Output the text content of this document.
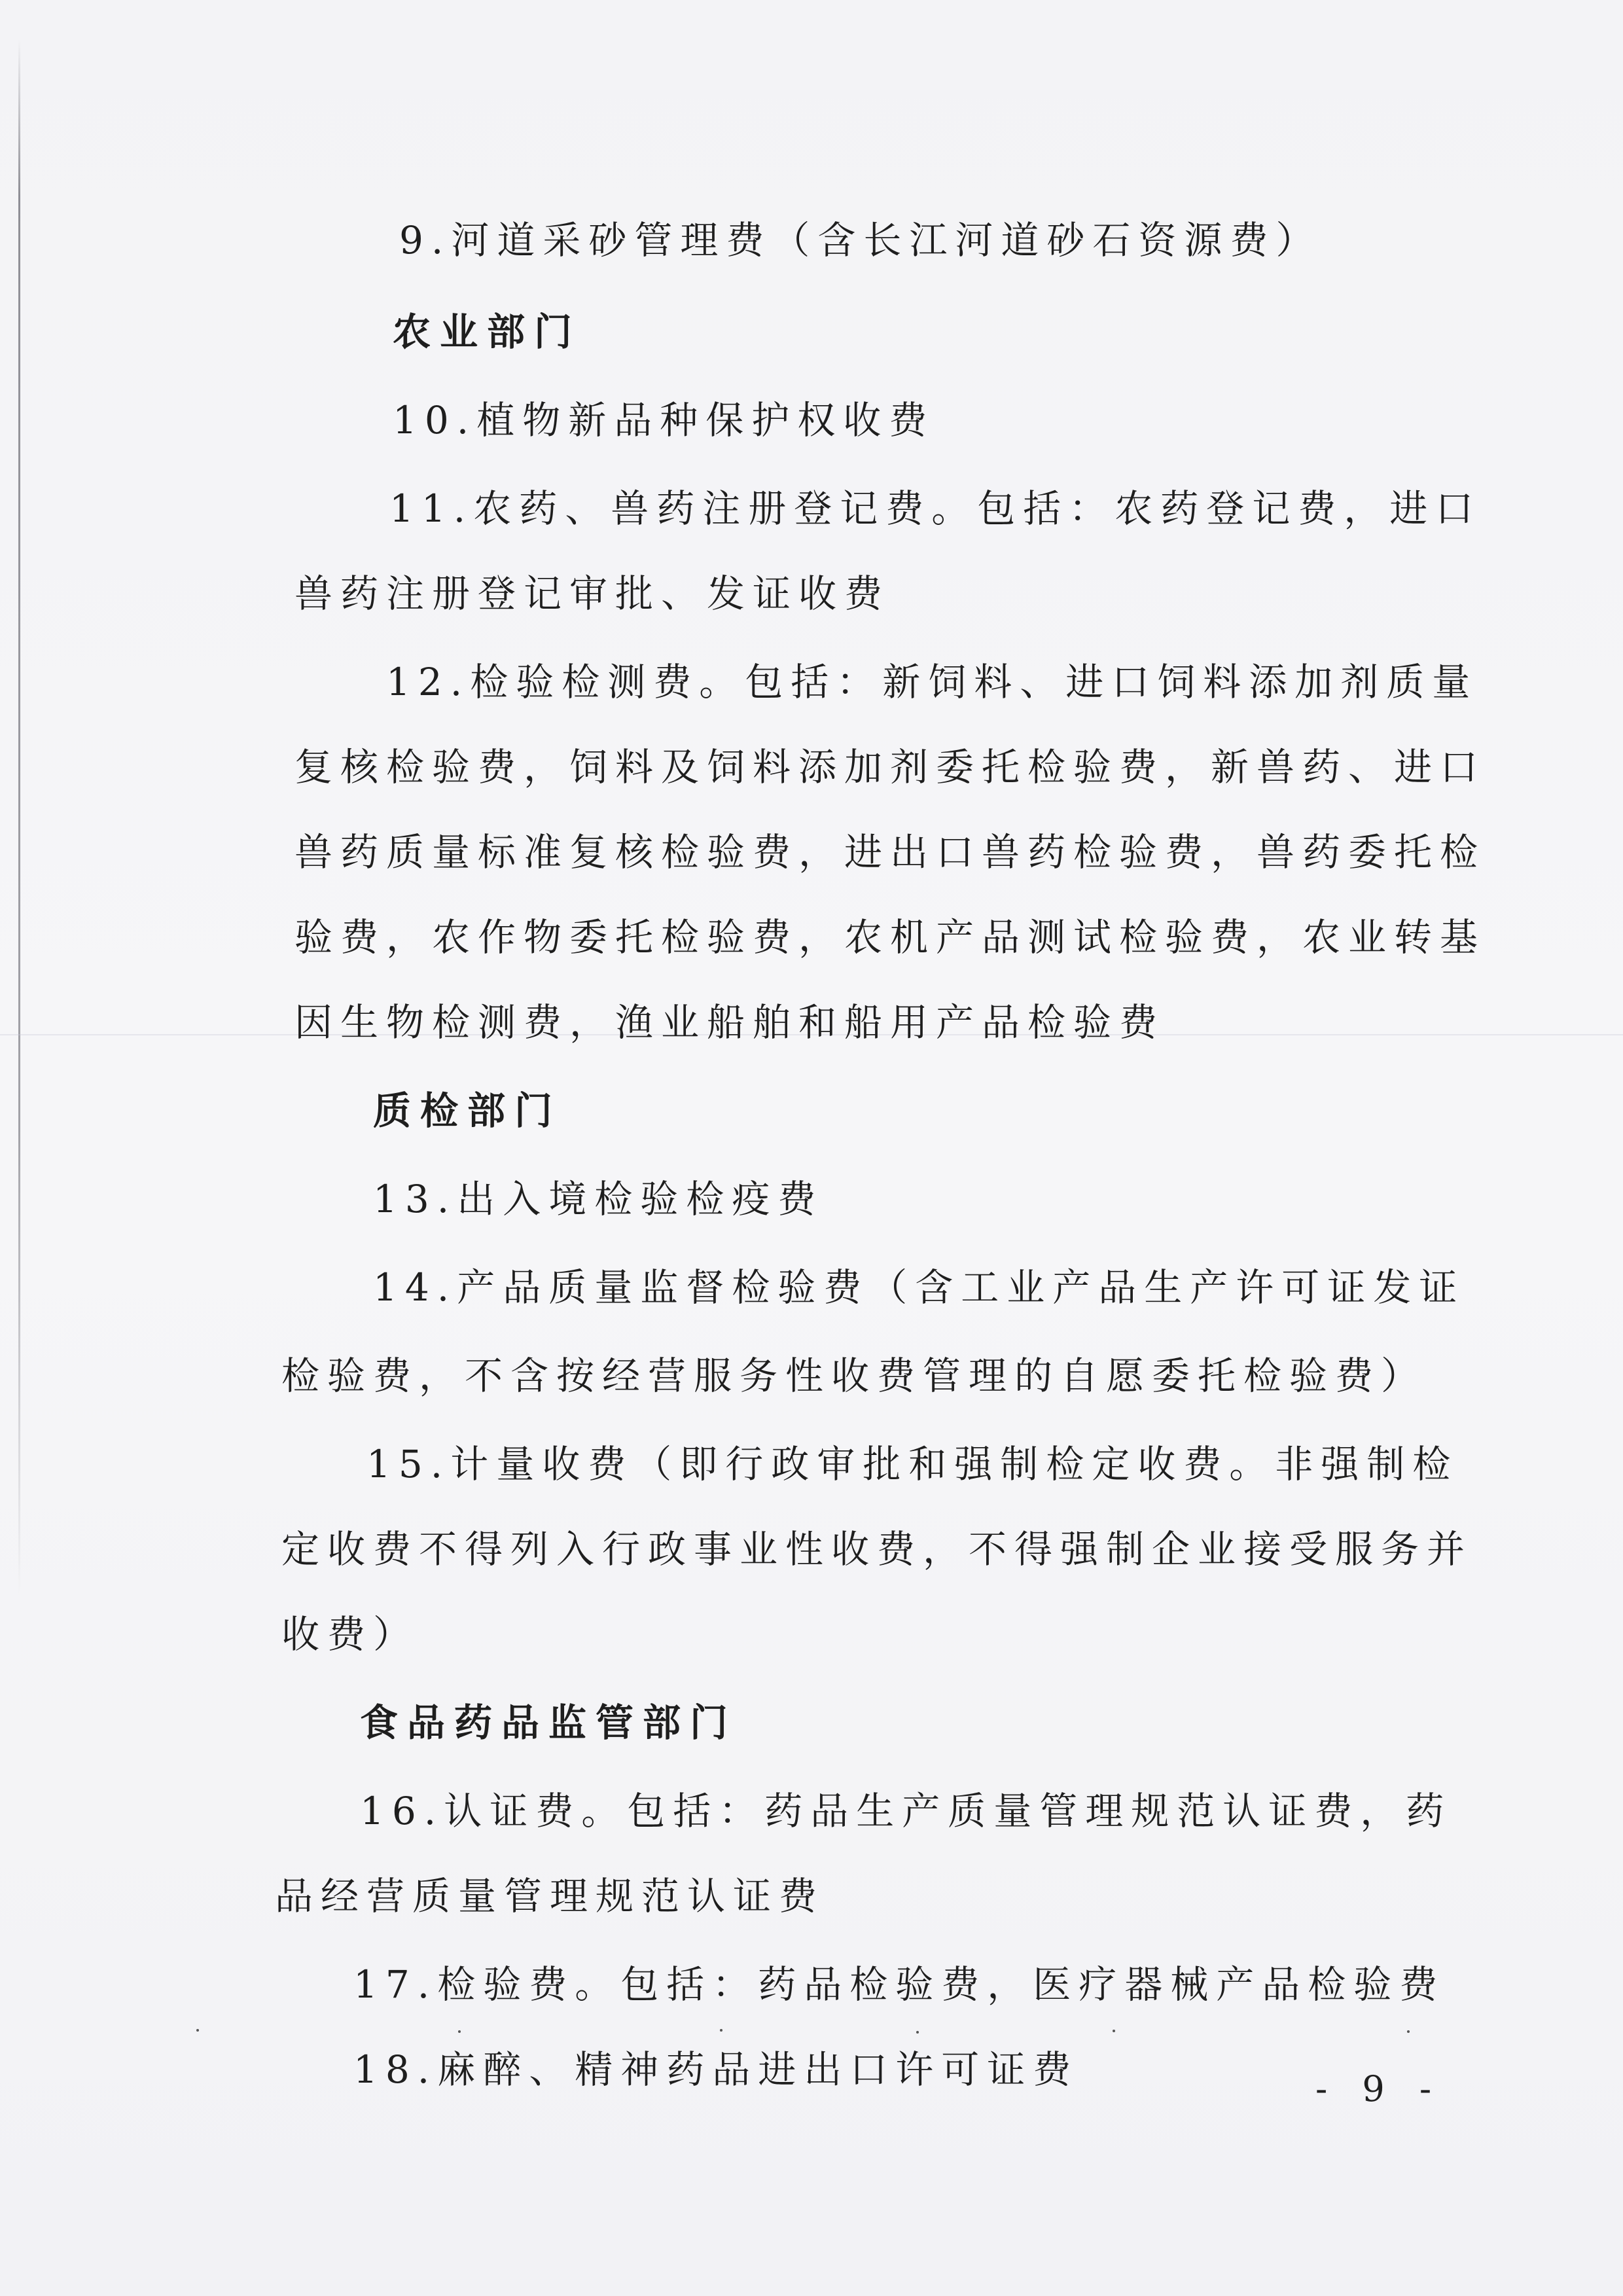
9.河道采砂管理费（含长江河道砂石资源费）
农业部门
10.植物新品种保护权收费
11.农药、兽药注册登记费。包括：农药登记费，进口
兽药注册登记审批、发证收费
12.检验检测费。包括：新饲料、进口饲料添加剂质量
复核检验费，饲料及饲料添加剂委托检验费，新兽药、进口
兽药质量标准复核检验费，进出口兽药检验费，兽药委托检
验费，农作物委托检验费，农机产品测试检验费，农业转基
因生物检测费，渔业船舶和船用产品检验费
质检部门
13.出入境检验检疫费
14.产品质量监督检验费（含工业产品生产许可证发证
检验费，不含按经营服务性收费管理的自愿委托检验费）
15.计量收费（即行政审批和强制检定收费。非强制检
定收费不得列入行政事业性收费，不得强制企业接受服务并
收费）
食品药品监管部门
16.认证费。包括：药品生产质量管理规范认证费，药
品经营质量管理规范认证费
17.检验费。包括：药品检验费，医疗器械产品检验费
18.麻醉、精神药品进出口许可证费	- 9 -
